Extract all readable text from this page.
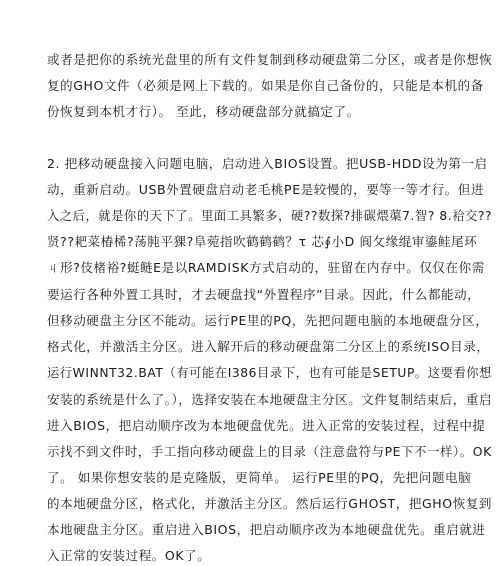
或者是把你的系统光盘里的所有文件复制到移动硬盘第二分区，或者是你想恢
复的GHO文件（必须是网上下载的。如果是你自己备份的，只能是本机的备
份恢复到本机才行）。 至此，移动硬盘部分就搞定了。
2. 把移动硬盘接入问题电脑，启动进入BIOS设置。把USB-HDD设为第一启
动，重新启动。USB外置硬盘启动老毛桃PE是较慢的，要等一等才行。但进
入之后，就是你的天下了。里面工具繁多，硬??数探?排碳煨蕖7.智? 8.袷交??
贤??耙菜椿桸?荡肫平猓?阜菀指吹鹤鹤鹤？τ 芯∮小D 阆攵缘绲审鎏鲑尾环
ㄐ形?伎楮裕?蜓鲢E是以RAMDISK方式启动的，驻留在内存中。仅仅在你需
要运行各种外置工具时，才去硬盘找“外置程序”目录。因此，什么都能动，
但移动硬盘主分区不能动。运行PE里的PQ，先把问题电脑的本地硬盘分区，
格式化，并激活主分区。进入解开后的移动硬盘第二分区上的系统ISO目录，
运行WINNT32.BAT（有可能在I386目录下，也有可能是SETUP。这要看你想
安装的系统是什么了。），选择安装在本地硬盘主分区。文件复制结束后，重启
进入BIOS，把启动顺序改为本地硬盘优先。进入正常的安装过程，过程中提
示找不到文件时，手工指向移动硬盘上的目录（注意盘符与PE下不一样）。OK
了。 如果你想安装的是克隆版，更简单。 运行PE里的PQ，先把问题电脑
的本地硬盘分区，格式化，并激活主分区。然后运行GHOST，把GHO恢复到
本地硬盘主分区。重启进入BIOS，把启动顺序改为本地硬盘优先。重启就进
入正常的安装过程。OK了。
